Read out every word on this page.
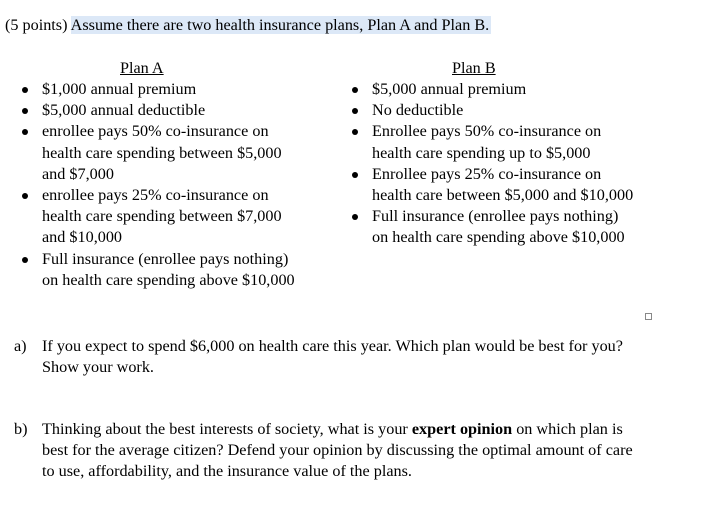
(5 points) Assume there are two health insurance plans, Plan A and Plan B.
Plan A
$1,000 annual premium
$5,000 annual deductible
enrollee pays 50% co-insurance on health care spending between $5,000 and $7,000
enrollee pays 25% co-insurance on health care spending between $7,000 and $10,000
Full insurance (enrollee pays nothing) on health care spending above $10,000
Plan B
$5,000 annual premium
No deductible
Enrollee pays 50% co-insurance on health care spending up to $5,000
Enrollee pays 25% co-insurance on health care between $5,000 and $10,000
Full insurance (enrollee pays nothing) on health care spending above $10,000
a) If you expect to spend $6,000 on health care this year. Which plan would be best for you? Show your work.
b) Thinking about the best interests of society, what is your expert opinion on which plan is best for the average citizen? Defend your opinion by discussing the optimal amount of care to use, affordability, and the insurance value of the plans.
